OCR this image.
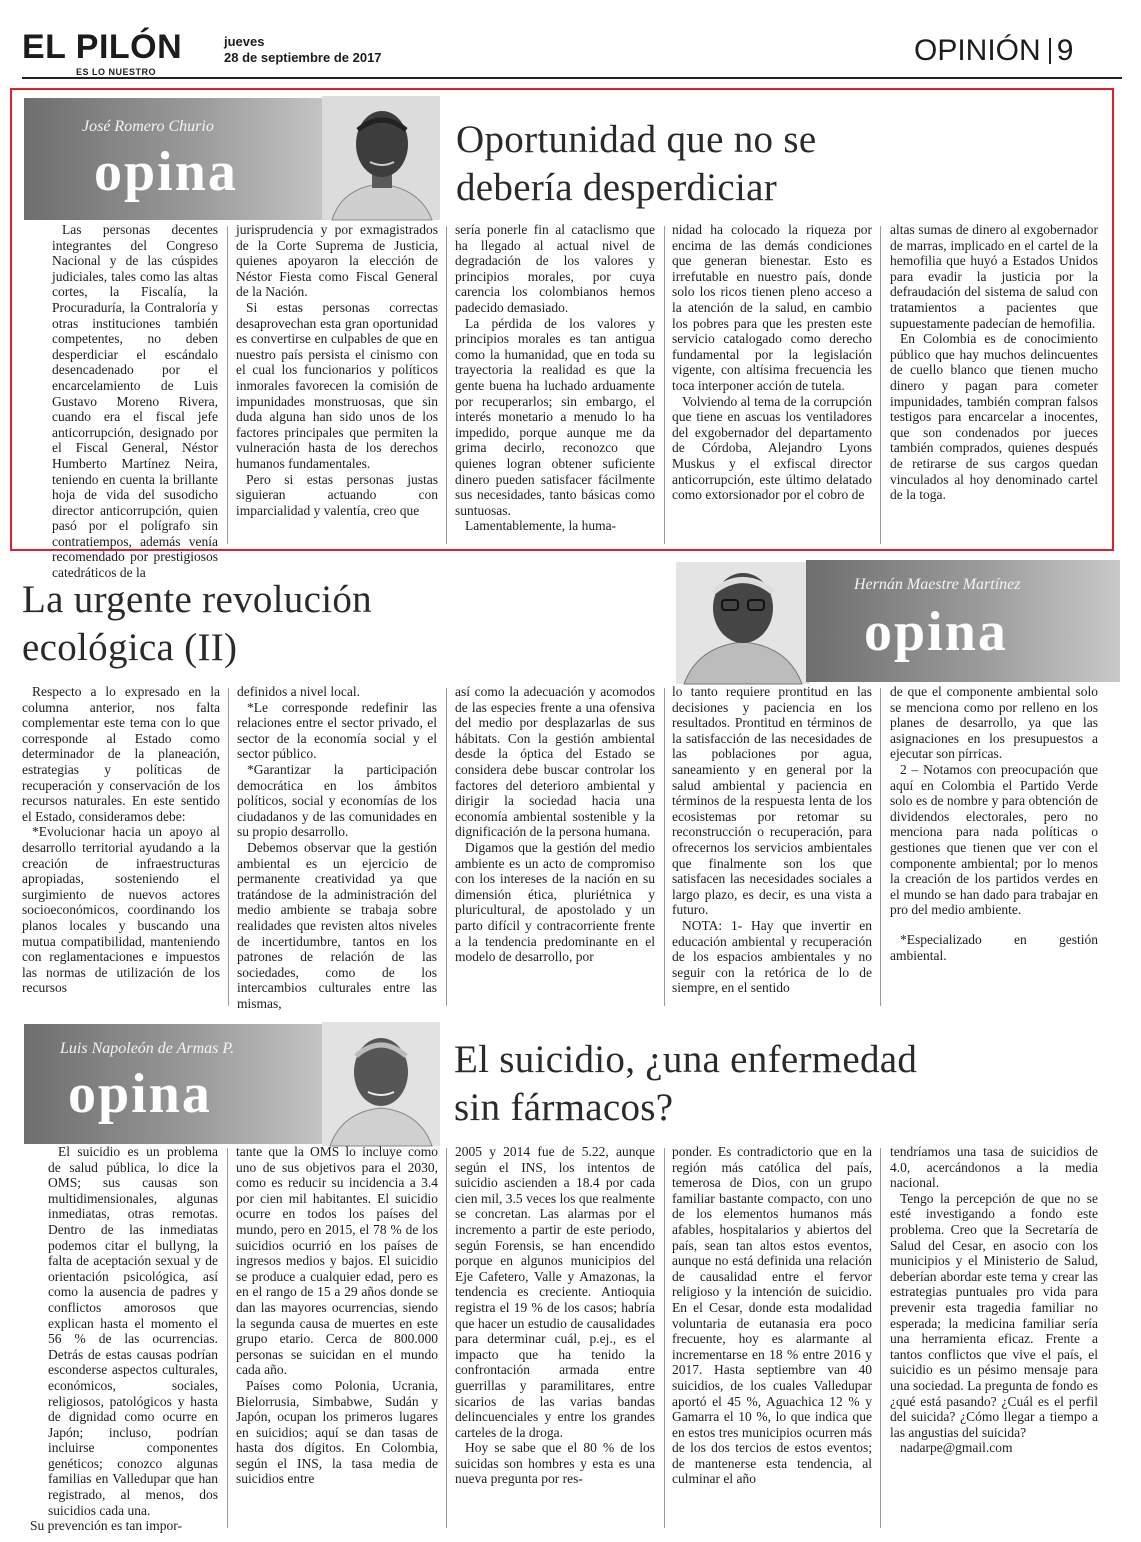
EL PILÓN
ES LO NUESTRO
jueves
28 de septiembre de 2017	OPINIÓN 9
José Romero Churio
opina
Oportunidad que no se
debería desperdiciar

Las personas decentes integrantes del Congreso Nacional y de las cúspides judiciales, tales como las altas cortes, la Fiscalía, la Procuraduría, la Contraloría y otras instituciones también competentes, no deben desperdiciar el escándalo desencadenado por el encarcelamiento de Luis Gustavo Moreno Rivera, cuando era el fiscal jefe anticorrupción, designado por el Fiscal General, Néstor Humberto Martínez Neira, teniendo en cuenta la brillante hoja de vida del susodicho director anticorrupción, quien pasó por el polígrafo sin contratiempos, además venía recomendado por prestigiosos catedráticos de la

jurisprudencia y por exmagistrados de la Corte Suprema de Justicia, quienes apoyaron la elección de Néstor Fiesta como Fiscal General de la Nación.

Si estas personas correctas desaprovechan esta gran oportunidad es convertirse en culpables de que en nuestro país persista el cinismo con el cual los funcionarios y políticos inmorales favorecen la comisión de impunidades monstruosas, que sin duda alguna han sido unos de los factores principales que permiten la vulneración hasta de los derechos humanos fundamentales.

Pero si estas personas justas siguieran actuando con imparcialidad y valentía, creo que

sería ponerle fin al cataclismo que ha llegado al actual nivel de degradación de los valores y principios morales, por cuya carencia los colombianos hemos padecido demasiado.

La pérdida de los valores y principios morales es tan antigua como la humanidad, que en toda su trayectoria la realidad es que la gente buena ha luchado arduamente por recuperarlos; sin embargo, el interés monetario a menudo lo ha impedido, porque aunque me da grima decirlo, reconozco que quienes logran obtener suficiente dinero pueden satisfacer fácilmente sus necesidades, tanto básicas como suntuosas.

Lamentablemente, la huma-

nidad ha colocado la riqueza por encima de las demás condiciones que generan bienestar. Esto es irrefutable en nuestro país, donde solo los ricos tienen pleno acceso a la atención de la salud, en cambio los pobres para que les presten este servicio catalogado como derecho fundamental por la legislación vigente, con altísima frecuencia les toca interponer acción de tutela.

Volviendo al tema de la corrupción que tiene en ascuas los ventiladores del exgobernador del departamento de Córdoba, Alejandro Lyons Muskus y el exfiscal director anticorrupción, este último delatado como extorsionador por el cobro de

altas sumas de dinero al exgobernador de marras, implicado en el cartel de la hemofilia que huyó a Estados Unidos para evadir la justicia por la defraudación del sistema de salud con tratamientos a pacientes que supuestamente padecían de hemofilia.

En Colombia es de conocimiento público que hay muchos delincuentes de cuello blanco que tienen mucho dinero y pagan para cometer impunidades, también compran falsos testigos para encarcelar a inocentes, que son condenados por jueces también comprados, quienes después de retirarse de sus cargos quedan vinculados al hoy denominado cartel de la toga.

La urgente revolución
ecológica (II)
Hernán Maestre Martínez
opina

Respecto a lo expresado en la columna anterior, nos falta complementar este tema con lo que corresponde al Estado como determinador de la planeación, estrategias y políticas de recuperación y conservación de los recursos naturales. En este sentido el Estado, consideramos debe:

*Evolucionar hacia un apoyo al desarrollo territorial ayudando a la creación de infraestructuras apropiadas, sosteniendo el surgimiento de nuevos actores socioeconómicos, coordinando los planos locales y buscando una mutua compatibilidad, manteniendo con reglamentaciones e impuestos las normas de utilización de los recursos

definidos a nivel local.

*Le corresponde redefinir las relaciones entre el sector privado, el sector de la economía social y el sector público.

*Garantizar la participación democrática en los ámbitos políticos, social y economías de los ciudadanos y de las comunidades en su propio desarrollo.

Debemos observar que la gestión ambiental es un ejercicio de permanente creatividad ya que tratándose de la administración del medio ambiente se trabaja sobre realidades que revisten altos niveles de incertidumbre, tantos en los patrones de relación de las sociedades, como de los intercambios culturales entre las mismas,

así como la adecuación y acomodos de las especies frente a una ofensiva del medio por desplazarlas de sus hábitats. Con la gestión ambiental desde la óptica del Estado se considera debe buscar controlar los factores del deterioro ambiental y dirigir la sociedad hacia una economía ambiental sostenible y la dignificación de la persona humana.

Digamos que la gestión del medio ambiente es un acto de compromiso con los intereses de la nación en su dimensión ética, pluriétnica y pluricultural, de apostolado y un parto difícil y contracorriente frente a la tendencia predominante en el modelo de desarrollo, por

lo tanto requiere prontitud en las decisiones y paciencia en los resultados. Prontitud en términos de la satisfacción de las necesidades de las poblaciones por agua, saneamiento y en general por la salud ambiental y paciencia en términos de la respuesta lenta de los ecosistemas por retomar su reconstrucción o recuperación, para ofrecernos los servicios ambientales que finalmente son los que satisfacen las necesidades sociales a largo plazo, es decir, es una vista a futuro.

NOTA: 1- Hay que invertir en educación ambiental y recuperación de los espacios ambientales y no seguir con la retórica de lo de siempre, en el sentido

de que el componente ambiental solo se menciona como por relleno en los planes de desarrollo, ya que las asignaciones en los presupuestos a ejecutar son pírricas.

2 – Notamos con preocupación que aquí en Colombia el Partido Verde solo es de nombre y para obtención de dividendos electorales, pero no menciona para nada políticas o gestiones que tienen que ver con el componente ambiental; por lo menos la creación de los partidos verdes en el mundo se han dado para trabajar en pro del medio ambiente.

*Especializado en gestión ambiental.

Luis Napoleón de Armas P.
opina
El suicidio, ¿una enfermedad
sin fármacos?

El suicidio es un problema de salud pública, lo dice la OMS; sus causas son multidimensionales, algunas inmediatas, otras remotas. Dentro de las inmediatas podemos citar el bullyng, la falta de aceptación sexual y de orientación psicológica, así como la ausencia de padres y conflictos amorosos que explican hasta el momento el 56 % de las ocurrencias. Detrás de estas causas podrían esconderse aspectos culturales, económicos, sociales, religiosos, patológicos y hasta de dignidad como ocurre en Japón; incluso, podrían incluirse componentes genéticos; conozco algunas familias en Valledupar que han registrado, al menos, dos suicidios cada una.

Su prevención es tan impor-

tante que la OMS lo incluye como uno de sus objetivos para el 2030, como es reducir su incidencia a 3.4 por cien mil habitantes. El suicidio ocurre en todos los países del mundo, pero en 2015, el 78 % de los suicidios ocurrió en los países de ingresos medios y bajos. El suicidio se produce a cualquier edad, pero es en el rango de 15 a 29 años donde se dan las mayores ocurrencias, siendo la segunda causa de muertes en este grupo etario. Cerca de 800.000 personas se suicidan en el mundo cada año.

Países como Polonia, Ucrania, Bielorrusia, Simbabwe, Sudán y Japón, ocupan los primeros lugares en suicidios; aquí se dan tasas de hasta dos dígitos. En Colombia, según el INS, la tasa media de suicidios entre

2005 y 2014 fue de 5.22, aunque según el INS, los intentos de suicidio ascienden a 18.4 por cada cien mil, 3.5 veces los que realmente se concretan. Las alarmas por el incremento a partir de este periodo, según Forensis, se han encendido porque en algunos municipios del Eje Cafetero, Valle y Amazonas, la tendencia es creciente. Antioquia registra el 19 % de los casos; habría que hacer un estudio de causalidades para determinar cuál, p.ej., es el impacto que ha tenido la confrontación armada entre guerrillas y paramilitares, entre sicarios de las varias bandas delincuenciales y entre los grandes carteles de la droga.

Hoy se sabe que el 80 % de los suicidas son hombres y esta es una nueva pregunta por res-

ponder. Es contradictorio que en la región más católica del país, temerosa de Dios, con un grupo familiar bastante compacto, con uno de los elementos humanos más afables, hospitalarios y abiertos del país, sean tan altos estos eventos, aunque no está definida una relación de causalidad entre el fervor religioso y la intención de suicidio. En el Cesar, donde esta modalidad voluntaria de eutanasia era poco frecuente, hoy es alarmante al incrementarse en 18 % entre 2016 y 2017. Hasta septiembre van 40 suicidios, de los cuales Valledupar aportó el 45 %, Aguachica 12 % y Gamarra el 10 %, lo que indica que en estos tres municipios ocurren más de los dos tercios de estos eventos; de mantenerse esta tendencia, al culminar el año

tendríamos una tasa de suicidios de 4.0, acercándonos a la media nacional.

Tengo la percepción de que no se esté investigando a fondo este problema. Creo que la Secretaría de Salud del Cesar, en asocio con los municipios y el Ministerio de Salud, deberían abordar este tema y crear las estrategias puntuales pro vida para prevenir esta tragedia familiar no esperada; la medicina familiar sería una herramienta eficaz. Frente a tantos conflictos que vive el país, el suicidio es un pésimo mensaje para una sociedad. La pregunta de fondo es ¿qué está pasando? ¿Cuál es el perfil del suicida? ¿Cómo llegar a tiempo a las angustias del suicida?

nadarpe@gmail.com
